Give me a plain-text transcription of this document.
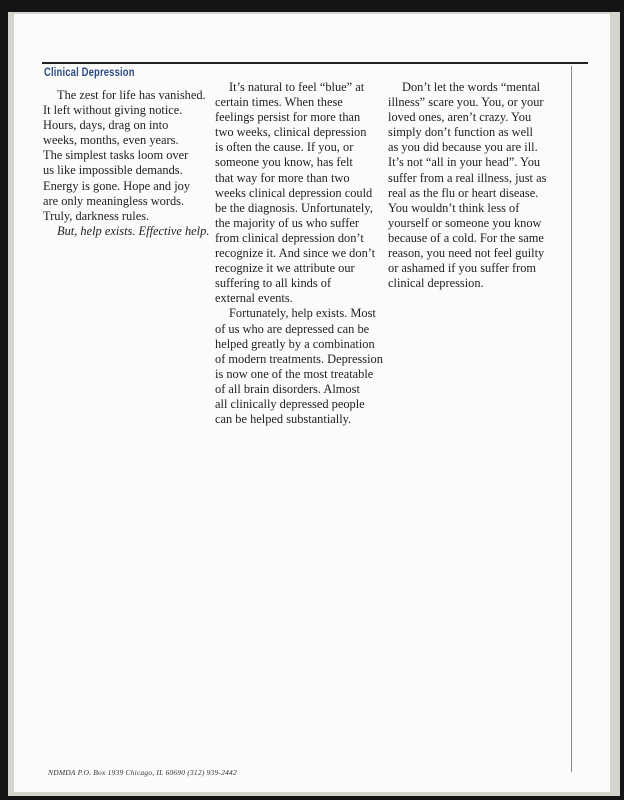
Clinical Depression

The zest for life has vanished.

It left without giving notice.

Hours, days, drag on into

weeks, months, even years.

The simplest tasks loom over

us like impossible demands.

Energy is gone. Hope and joy

are only meaningless words.

Truly, darkness rules.

But, help exists. Effective help.

It’s natural to feel “blue” at

certain times. When these

feelings persist for more than

two weeks, clinical depression

is often the cause. If you, or

someone you know, has felt

that way for more than two

weeks clinical depression could

be the diagnosis. Unfortunately,

the majority of us who suffer

from clinical depression don’t

recognize it. And since we don’t

recognize it we attribute our

suffering to all kinds of

external events.

Fortunately, help exists. Most

of us who are depressed can be

helped greatly by a combination

of modern treatments. Depression

is now one of the most treatable

of all brain disorders. Almost

all clinically depressed people

can be helped substantially.

Don’t let the words “mental

illness” scare you. You, or your

loved ones, aren’t crazy. You

simply don’t function as well

as you did because you are ill.

It’s not “all in your head”. You

suffer from a real illness, just as

real as the flu or heart disease.

You wouldn’t think less of

yourself or someone you know

because of a cold. For the same

reason, you need not feel guilty

or ashamed if you suffer from

clinical depression.

NDMDA P.O. Box 1939 Chicago, IL 60690 (312) 939-2442
